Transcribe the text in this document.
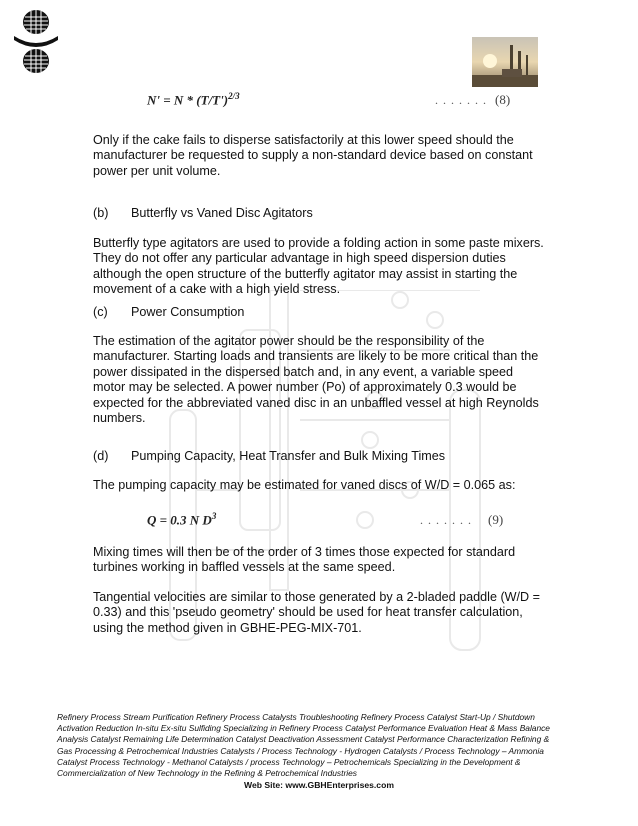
$N' = N * (T/T')^{2/3}$	. . . . . . .  (8)
Only if the cake fails to disperse satisfactorily at this lower speed should the manufacturer be requested to supply a non-standard device based on constant power per unit volume.
(b) Butterfly vs Vaned Disc Agitators
Butterfly type agitators are used to provide a folding action in some paste mixers. They do not offer any particular advantage in high speed dispersion duties although the open structure of the butterfly agitator may assist in starting the movement of a cake with a high yield stress.
(c) Power Consumption
The estimation of the agitator power should be the responsibility of the manufacturer. Starting loads and transients are likely to be more critical than the power dissipated in the dispersed batch and, in any event, a variable speed motor may be selected. A power number (Po) of approximately 0.3 would be expected for the abbreviated vaned disc in an unbaffled vessel at high Reynolds numbers.
(d) Pumping Capacity, Heat Transfer and Bulk Mixing Times
The pumping capacity may be estimated for vaned discs of W/D = 0.065 as:
Q = 0.3 N $D^3$	. . . . . . .    (9)
Mixing times will then be of the order of 3 times those expected for standard turbines working in baffled vessels at the same speed.
Tangential velocities are similar to those generated by a 2-bladed paddle (W/D = 0.33) and this 'pseudo geometry' should be used for heat transfer calculation, using the method given in GBHE-PEG-MIX-701.
Refinery Process Stream Purification Refinery Process Catalysts Troubleshooting Refinery Process Catalyst Start-Up / Shutdown Activation Reduction In-situ Ex-situ Sulfiding Specializing in Refinery Process Catalyst Performance Evaluation Heat & Mass Balance Analysis Catalyst Remaining Life Determination Catalyst Deactivation Assessment Catalyst Performance Characterization Refining & Gas Processing & Petrochemical Industries Catalysts / Process Technology - Hydrogen Catalysts / Process Technology – Ammonia Catalyst Process Technology - Methanol Catalysts / process Technology – Petrochemicals Specializing in the Development & Commercialization of New Technology in the Refining & Petrochemical Industries
Web Site: www.GBHEnterprises.com
